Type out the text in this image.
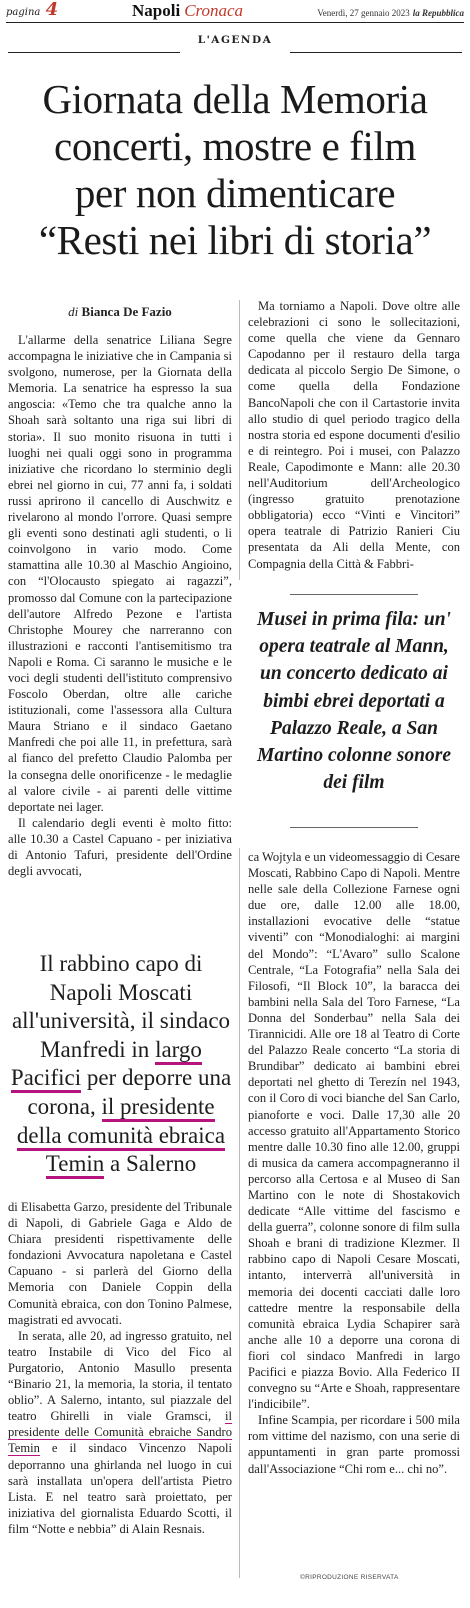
pagina 4	Napoli Cronaca	Venerdì, 27 gennaio 2023 la Repubblica
L'AGENDA
Giornata della Memoria
concerti, mostre e film
per non dimenticare
“Resti nei libri di storia”
di Bianca De Fazio

L'allarme della senatrice Liliana Segre accompagna le iniziative che in Campania si svolgono, numerose, per la Giornata della Memoria. La senatrice ha espresso la sua angoscia: «Temo che tra qualche anno la Shoah sarà soltanto una riga sui libri di storia». Il suo monito risuona in tutti i luoghi nei quali oggi sono in programma iniziative che ricordano lo sterminio degli ebrei nel giorno in cui, 77 anni fa, i soldati russi aprirono il cancello di Auschwitz e rivelarono al mondo l'orrore. Quasi sempre gli eventi sono destinati agli studenti, o li coinvolgono in vario modo. Come stamattina alle 10.30 al Maschio Angioino, con “l'Olocausto spiegato ai ragazzi”, promosso dal Comune con la partecipazione dell'autore Alfredo Pezone e l'artista Christophe Mourey che narreranno con illustrazioni e racconti l'antisemitismo tra Napoli e Roma. Ci saranno le musiche e le voci degli studenti dell'istituto comprensivo Foscolo Oberdan, oltre alle cariche istituzionali, come l'assessora alla Cultura Maura Striano e il sindaco Gaetano Manfredi che poi alle 11, in prefettura, sarà al fianco del prefetto Claudio Palomba per la consegna delle onorificenze - le medaglie al valore civile - ai parenti delle vittime deportate nei lager.

Il calendario degli eventi è molto fitto: alle 10.30 a Castel Capuano - per iniziativa di Antonio Tafuri, presidente dell'Ordine degli avvocati,

Il rabbino capo di Napoli Moscati all'università, il sindaco Manfredi in largo Pacifici per deporre una corona, il presidente della comunità ebraica Temin a Salerno

di Elisabetta Garzo, presidente del Tribunale di Napoli, di Gabriele Gaga e Aldo de Chiara presidenti rispettivamente delle fondazioni Avvocatura napoletana e Castel Capuano - si parlerà del Giorno della Memoria con Daniele Coppin della Comunità ebraica, con don Tonino Palmese, magistrati ed avvocati.

In serata, alle 20, ad ingresso gratuito, nel teatro Instabile di Vico del Fico al Purgatorio, Antonio Masullo presenta “Binario 21, la memoria, la storia, il tentato oblio”. A Salerno, intanto, sul piazzale del teatro Ghirelli in viale Gramsci, il presidente delle Comunità ebraiche Sandro Temin e il sindaco Vincenzo Napoli deporranno una ghirlanda nel luogo in cui sarà installata un'opera dell'artista Pietro Lista. E nel teatro sarà proiettato, per iniziativa del giornalista Eduardo Scotti, il film “Notte e nebbia” di Alain Resnais.

Ma torniamo a Napoli. Dove oltre alle celebrazioni ci sono le sollecitazioni, come quella che viene da Gennaro Capodanno per il restauro della targa dedicata al piccolo Sergio De Simone, o come quella della Fondazione BancoNapoli che con il Cartastorie invita allo studio di quel periodo tragico della nostra storia ed espone documenti d'esilio e di reintegro. Poi i musei, con Palazzo Reale, Capodimonte e Mann: alle 20.30 nell'Auditorium dell'Archeologico (ingresso gratuito prenotazione obbligatoria) ecco “Vinti e Vincitori” opera teatrale di Patrizio Ranieri Ciu presentata da Ali della Mente, con Compagnia della Città & Fabbri-

Musei in prima fila: un' opera teatrale al Mann, un concerto dedicato ai bimbi ebrei deportati a Palazzo Reale, a San Martino colonne sonore dei film

ca Wojtyla e un videomessaggio di Cesare Moscati, Rabbino Capo di Napoli. Mentre nelle sale della Collezione Farnese ogni due ore, dalle 12.00 alle 18.00, installazioni evocative delle “statue viventi” con “Monodialoghi: ai margini del Mondo”: “L'Avaro” sullo Scalone Centrale, “La Fotografia” nella Sala dei Filosofi, “Il Block 10”, la baracca dei bambini nella Sala del Toro Farnese, “La Donna del Sonderbau” nella Sala dei Tirannicidi. Alle ore 18 al Teatro di Corte del Palazzo Reale concerto “La storia di Brundibar” dedicato ai bambini ebrei deportati nel ghetto di Terezín nel 1943, con il Coro di voci bianche del San Carlo, pianoforte e voci. Dalle 17,30 alle 20 accesso gratuito all'Appartamento Storico mentre dalle 10.30 fino alle 12.00, gruppi di musica da camera accompagneranno il percorso alla Certosa e al Museo di San Martino con le note di Shostakovich dedicate “Alle vittime del fascismo e della guerra”, colonne sonore di film sulla Shoah e brani di tradizione Klezmer. Il rabbino capo di Napoli Cesare Moscati, intanto, interverrà all'università in memoria dei docenti cacciati dalle loro cattedre mentre la responsabile della comunità ebraica Lydia Schapirer sarà anche alle 10 a deporre una corona di fiori col sindaco Manfredi in largo Pacifici e piazza Bovio. Alla Federico II convegno su “Arte e Shoah, rappresentare l'indicibile”.

Infine Scampia, per ricordare i 500 mila rom vittime del nazismo, con una serie di appuntamenti in gran parte promossi dall'Associazione “Chi rom e... chi no”.

©RIPRODUZIONE RISERVATA
